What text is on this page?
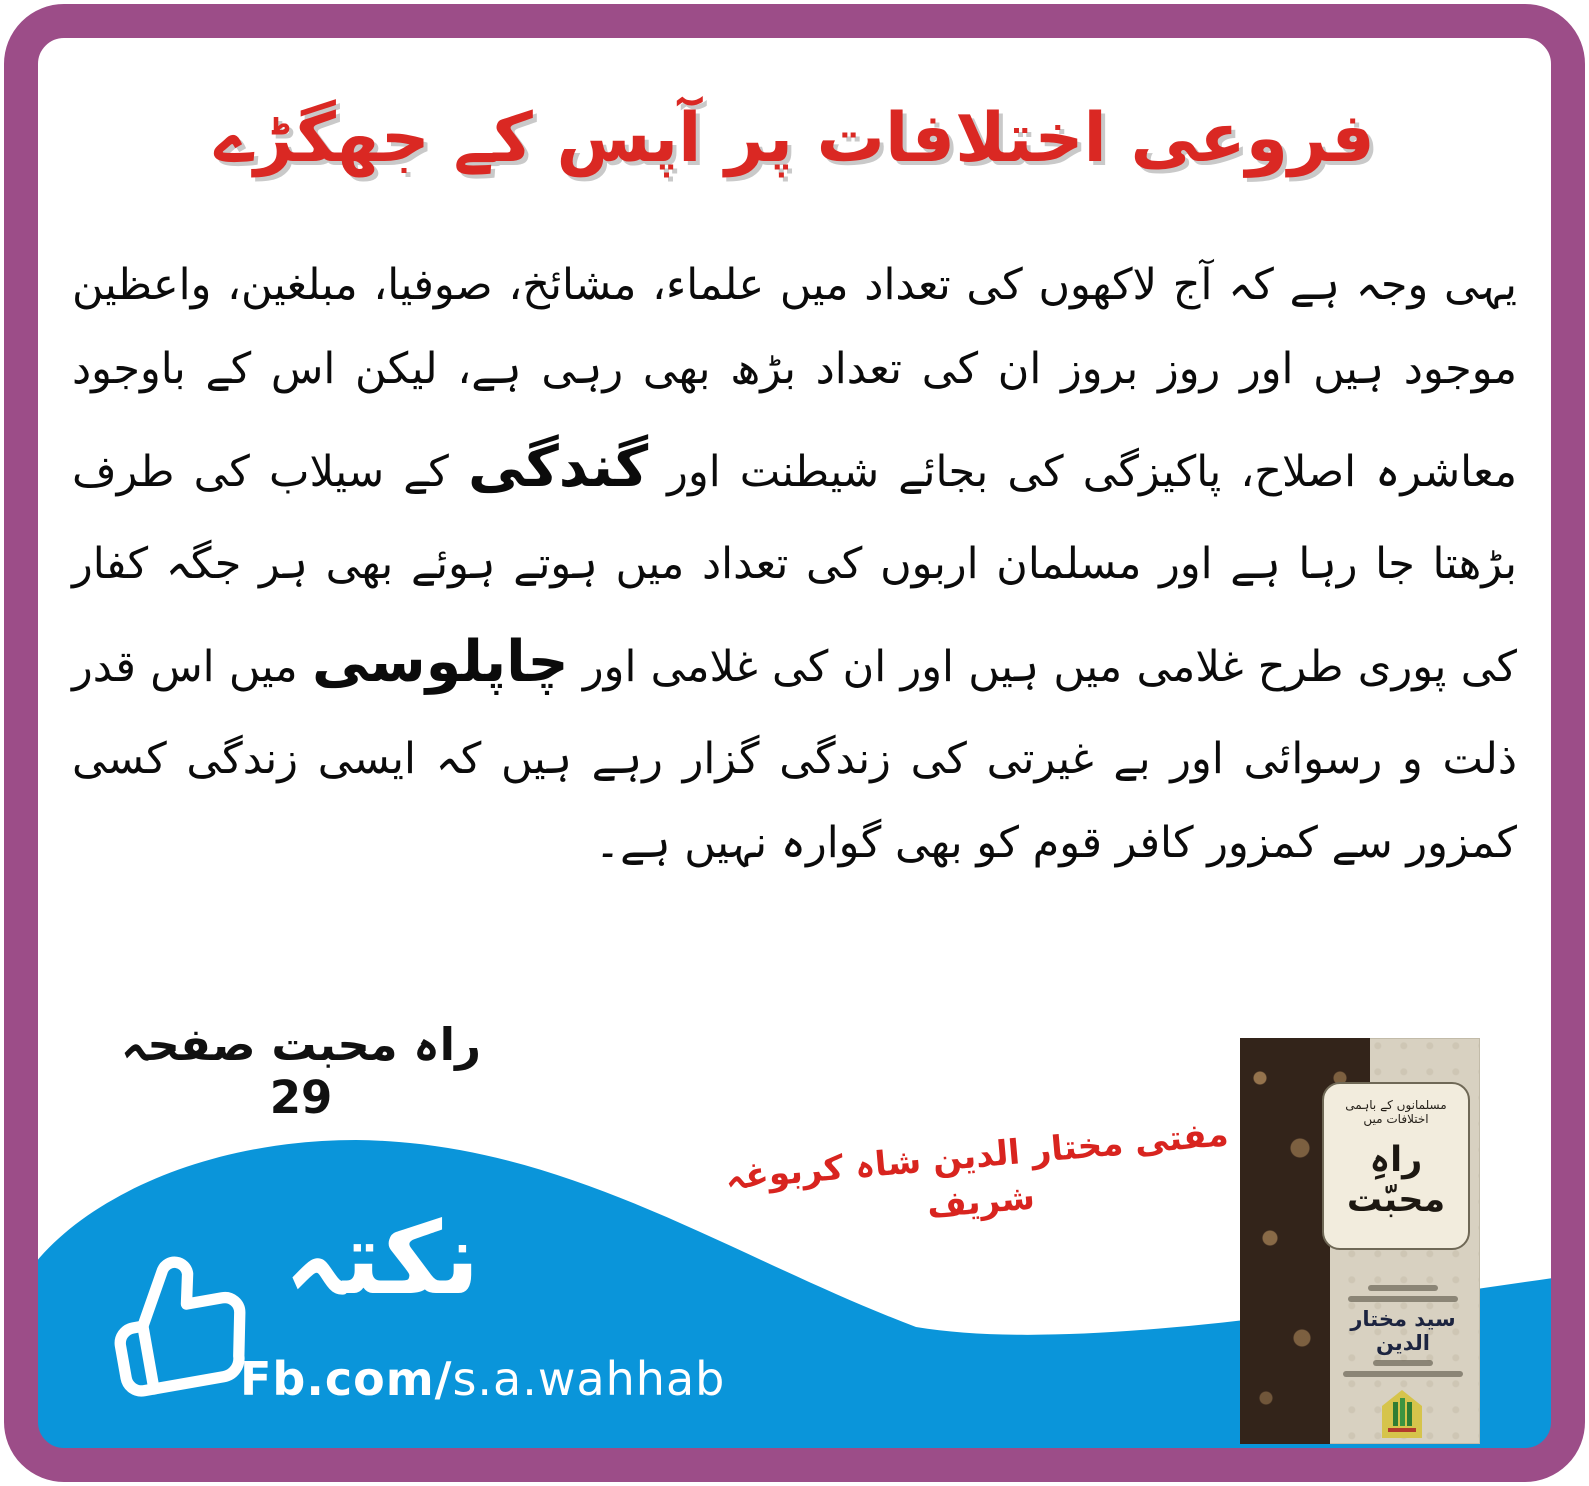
فروعی اختلافات پر آپس کے جھگڑے
یہی وجہ ہے کہ آج لاکھوں کی تعداد میں علماء، مشائخ، صوفیا، مبلغین، واعظین موجود ہیں اور روز بروز ان کی تعداد بڑھ بھی رہی ہے، لیکن اس کے باوجود معاشرہ اصلاح، پاکیزگی کی بجائے شیطنت اور گندگی کے سیلاب کی طرف بڑھتا جا رہا ہے اور مسلمان اربوں کی تعداد میں ہوتے ہوئے بھی ہر جگہ کفار کی پوری طرح غلامی میں ہیں اور ان کی غلامی اور چاپلوسی میں اس قدر ذلت و رسوائی اور بے غیرتی کی زندگی گزار رہے ہیں کہ ایسی زندگی کسی کمزور سے کمزور کافر قوم کو بھی گوارہ نہیں ہے۔
راہ محبت صفحہ 29
مفتی مختار الدین شاہ کربوغہ شریف
نکتہ
Fb.com/s.a.wahhab
مسلمانوں کے باہمی اختلافات میں
راہِ محبّت
سید مختار الدین
